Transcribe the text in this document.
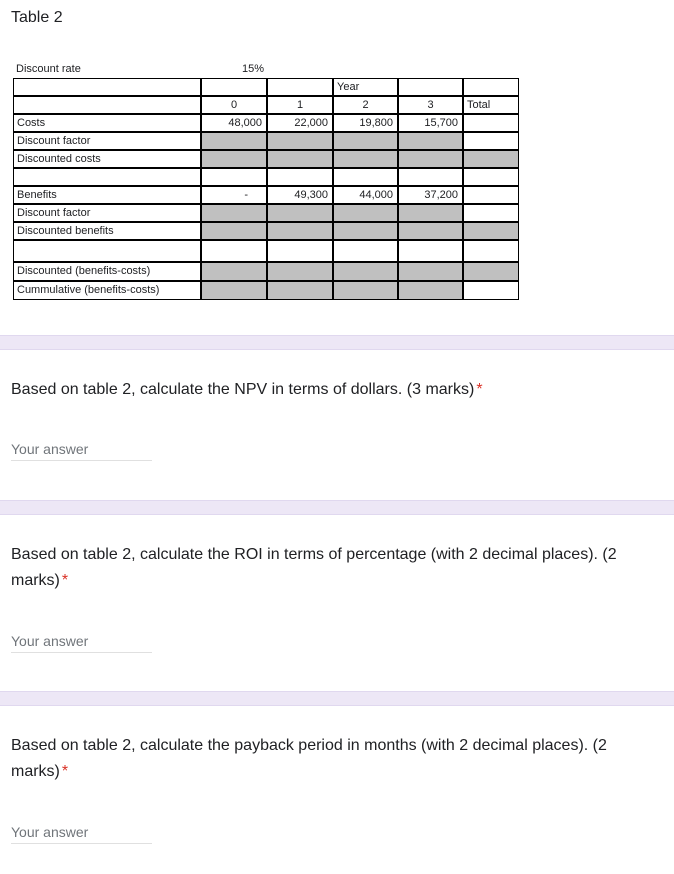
Table 2
Discount rate	15%
Year
0	1	2	3	Total
Costs	48,000	22,000	19,800	15,700
Discount factor
Discounted costs
Benefits	-	49,300	44,000	37,200
Discount factor
Discounted benefits
Discounted (benefits-costs)
Cummulative (benefits-costs)
Based on table 2, calculate the NPV in terms of dollars. (3 marks) *
Your answer
Based on table 2, calculate the ROI in terms of percentage (with 2 decimal places). (2 marks) *
Your answer
Based on table 2, calculate the payback period in months (with 2 decimal places). (2 marks) *
Your answer
